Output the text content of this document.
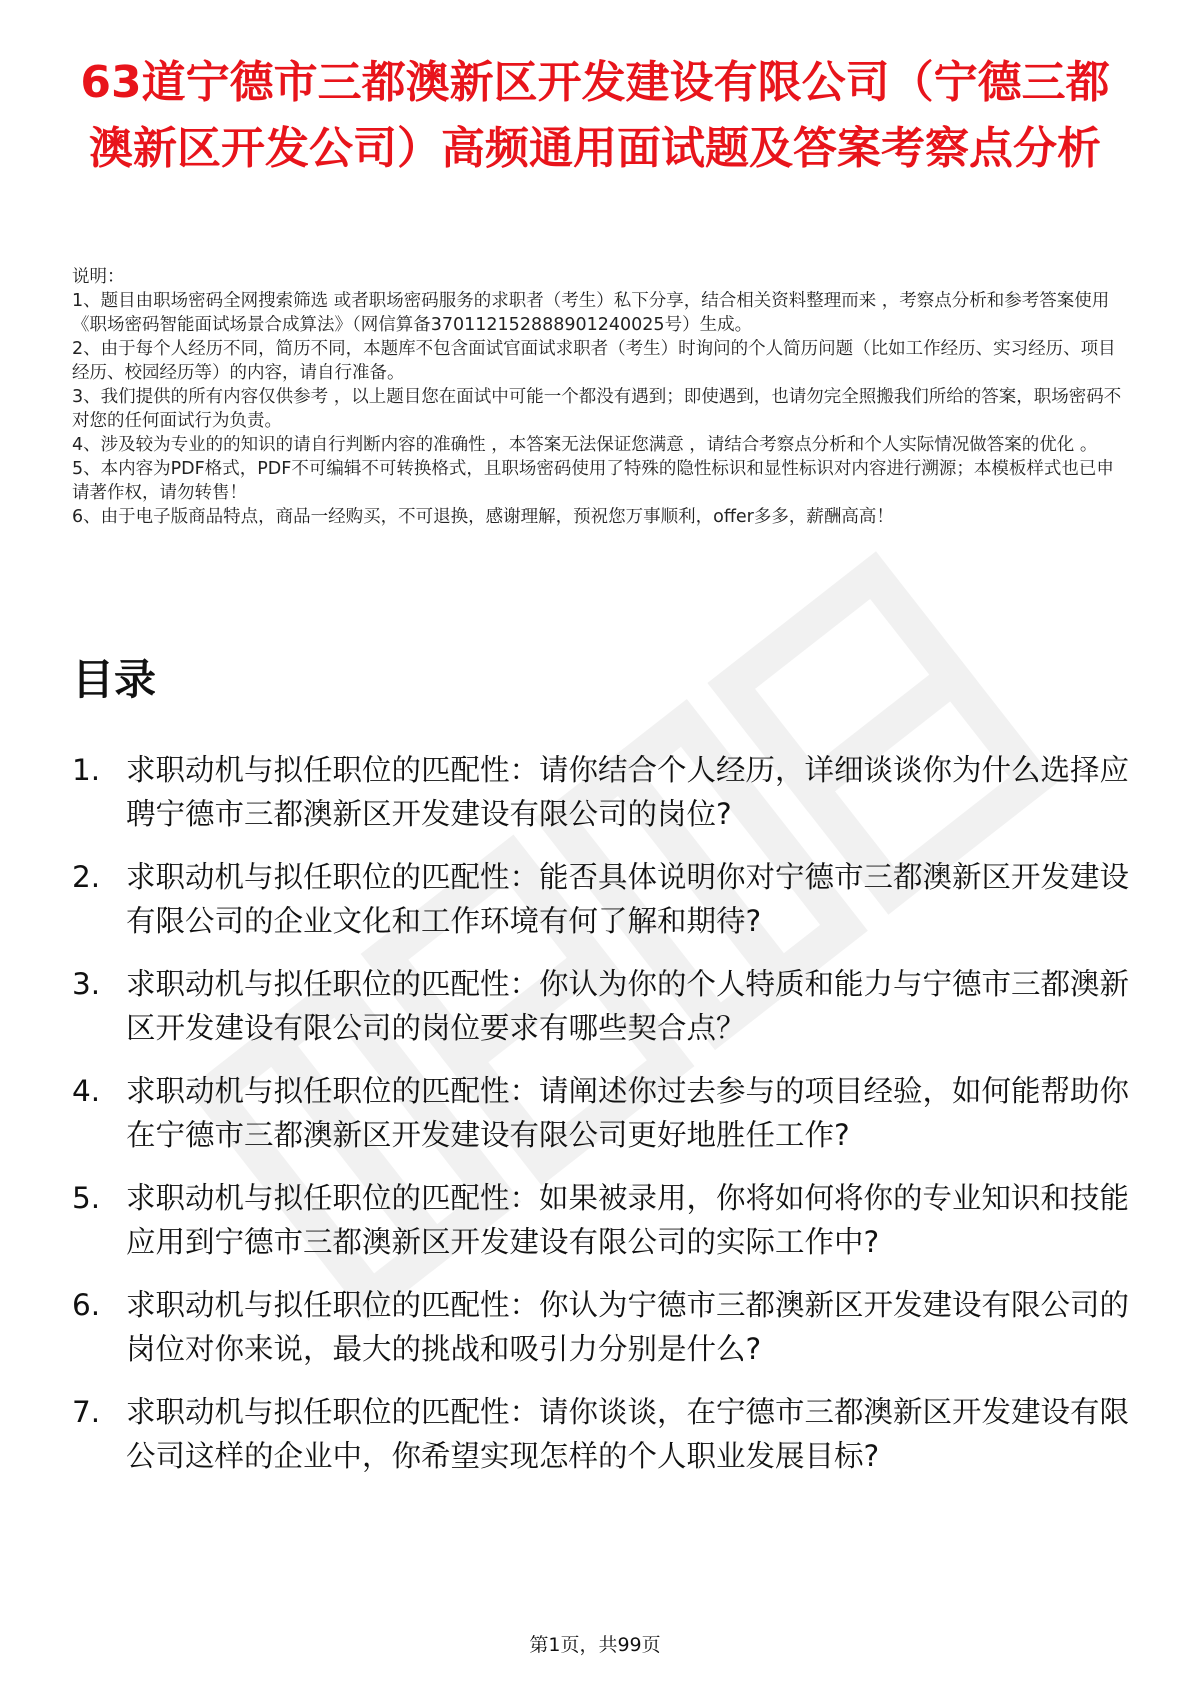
63道宁德市三都澳新区开发建设有限公司（宁德三都澳新区开发公司）高频通用面试题及答案考察点分析

说明：

1、题目由职场密码全网搜索筛选 或者职场密码服务的求职者（考生）私下分享，结合相关资料整理而来 ，考察点分析和参考答案使用《职场密码智能面试场景合成算法》（网信算备370112152888901240025号）生成。

2、由于每个人经历不同，简历不同，本题库不包含面试官面试求职者（考生）时询问的个人简历问题（比如工作经历、实习经历、项目经历、校园经历等）的内容，请自行准备。

3、我们提供的所有内容仅供参考 ，以上题目您在面试中可能一个都没有遇到；即使遇到，也请勿完全照搬我们所给的答案，职场密码不对您的任何面试行为负责。

4、涉及较为专业的的知识的请自行判断内容的准确性 ，本答案无法保证您满意 ，请结合考察点分析和个人实际情况做答案的优化 。

5、本内容为PDF格式，PDF不可编辑不可转换格式，且职场密码使用了特殊的隐性标识和显性标识对内容进行溯源；本模板样式也已申请著作权，请勿转售！

6、由于电子版商品特点，商品一经购买，不可退换，感谢理解，预祝您万事顺利，offer多多，薪酬高高！

目录
1. 求职动机与拟任职位的匹配性：请你结合个人经历，详细谈谈你为什么选择应聘宁德市三都澳新区开发建设有限公司的岗位?
2. 求职动机与拟任职位的匹配性：能否具体说明你对宁德市三都澳新区开发建设有限公司的企业文化和工作环境有何了解和期待?
3. 求职动机与拟任职位的匹配性：你认为你的个人特质和能力与宁德市三都澳新区开发建设有限公司的岗位要求有哪些契合点？
4. 求职动机与拟任职位的匹配性：请阐述你过去参与的项目经验，如何能帮助你在宁德市三都澳新区开发建设有限公司更好地胜任工作?
5. 求职动机与拟任职位的匹配性：如果被录用，你将如何将你的专业知识和技能应用到宁德市三都澳新区开发建设有限公司的实际工作中?
6. 求职动机与拟任职位的匹配性：你认为宁德市三都澳新区开发建设有限公司的岗位对你来说，最大的挑战和吸引力分别是什么?
7. 求职动机与拟任职位的匹配性：请你谈谈，在宁德市三都澳新区开发建设有限公司这样的企业中，你希望实现怎样的个人职业发展目标?
第1页，共99页
